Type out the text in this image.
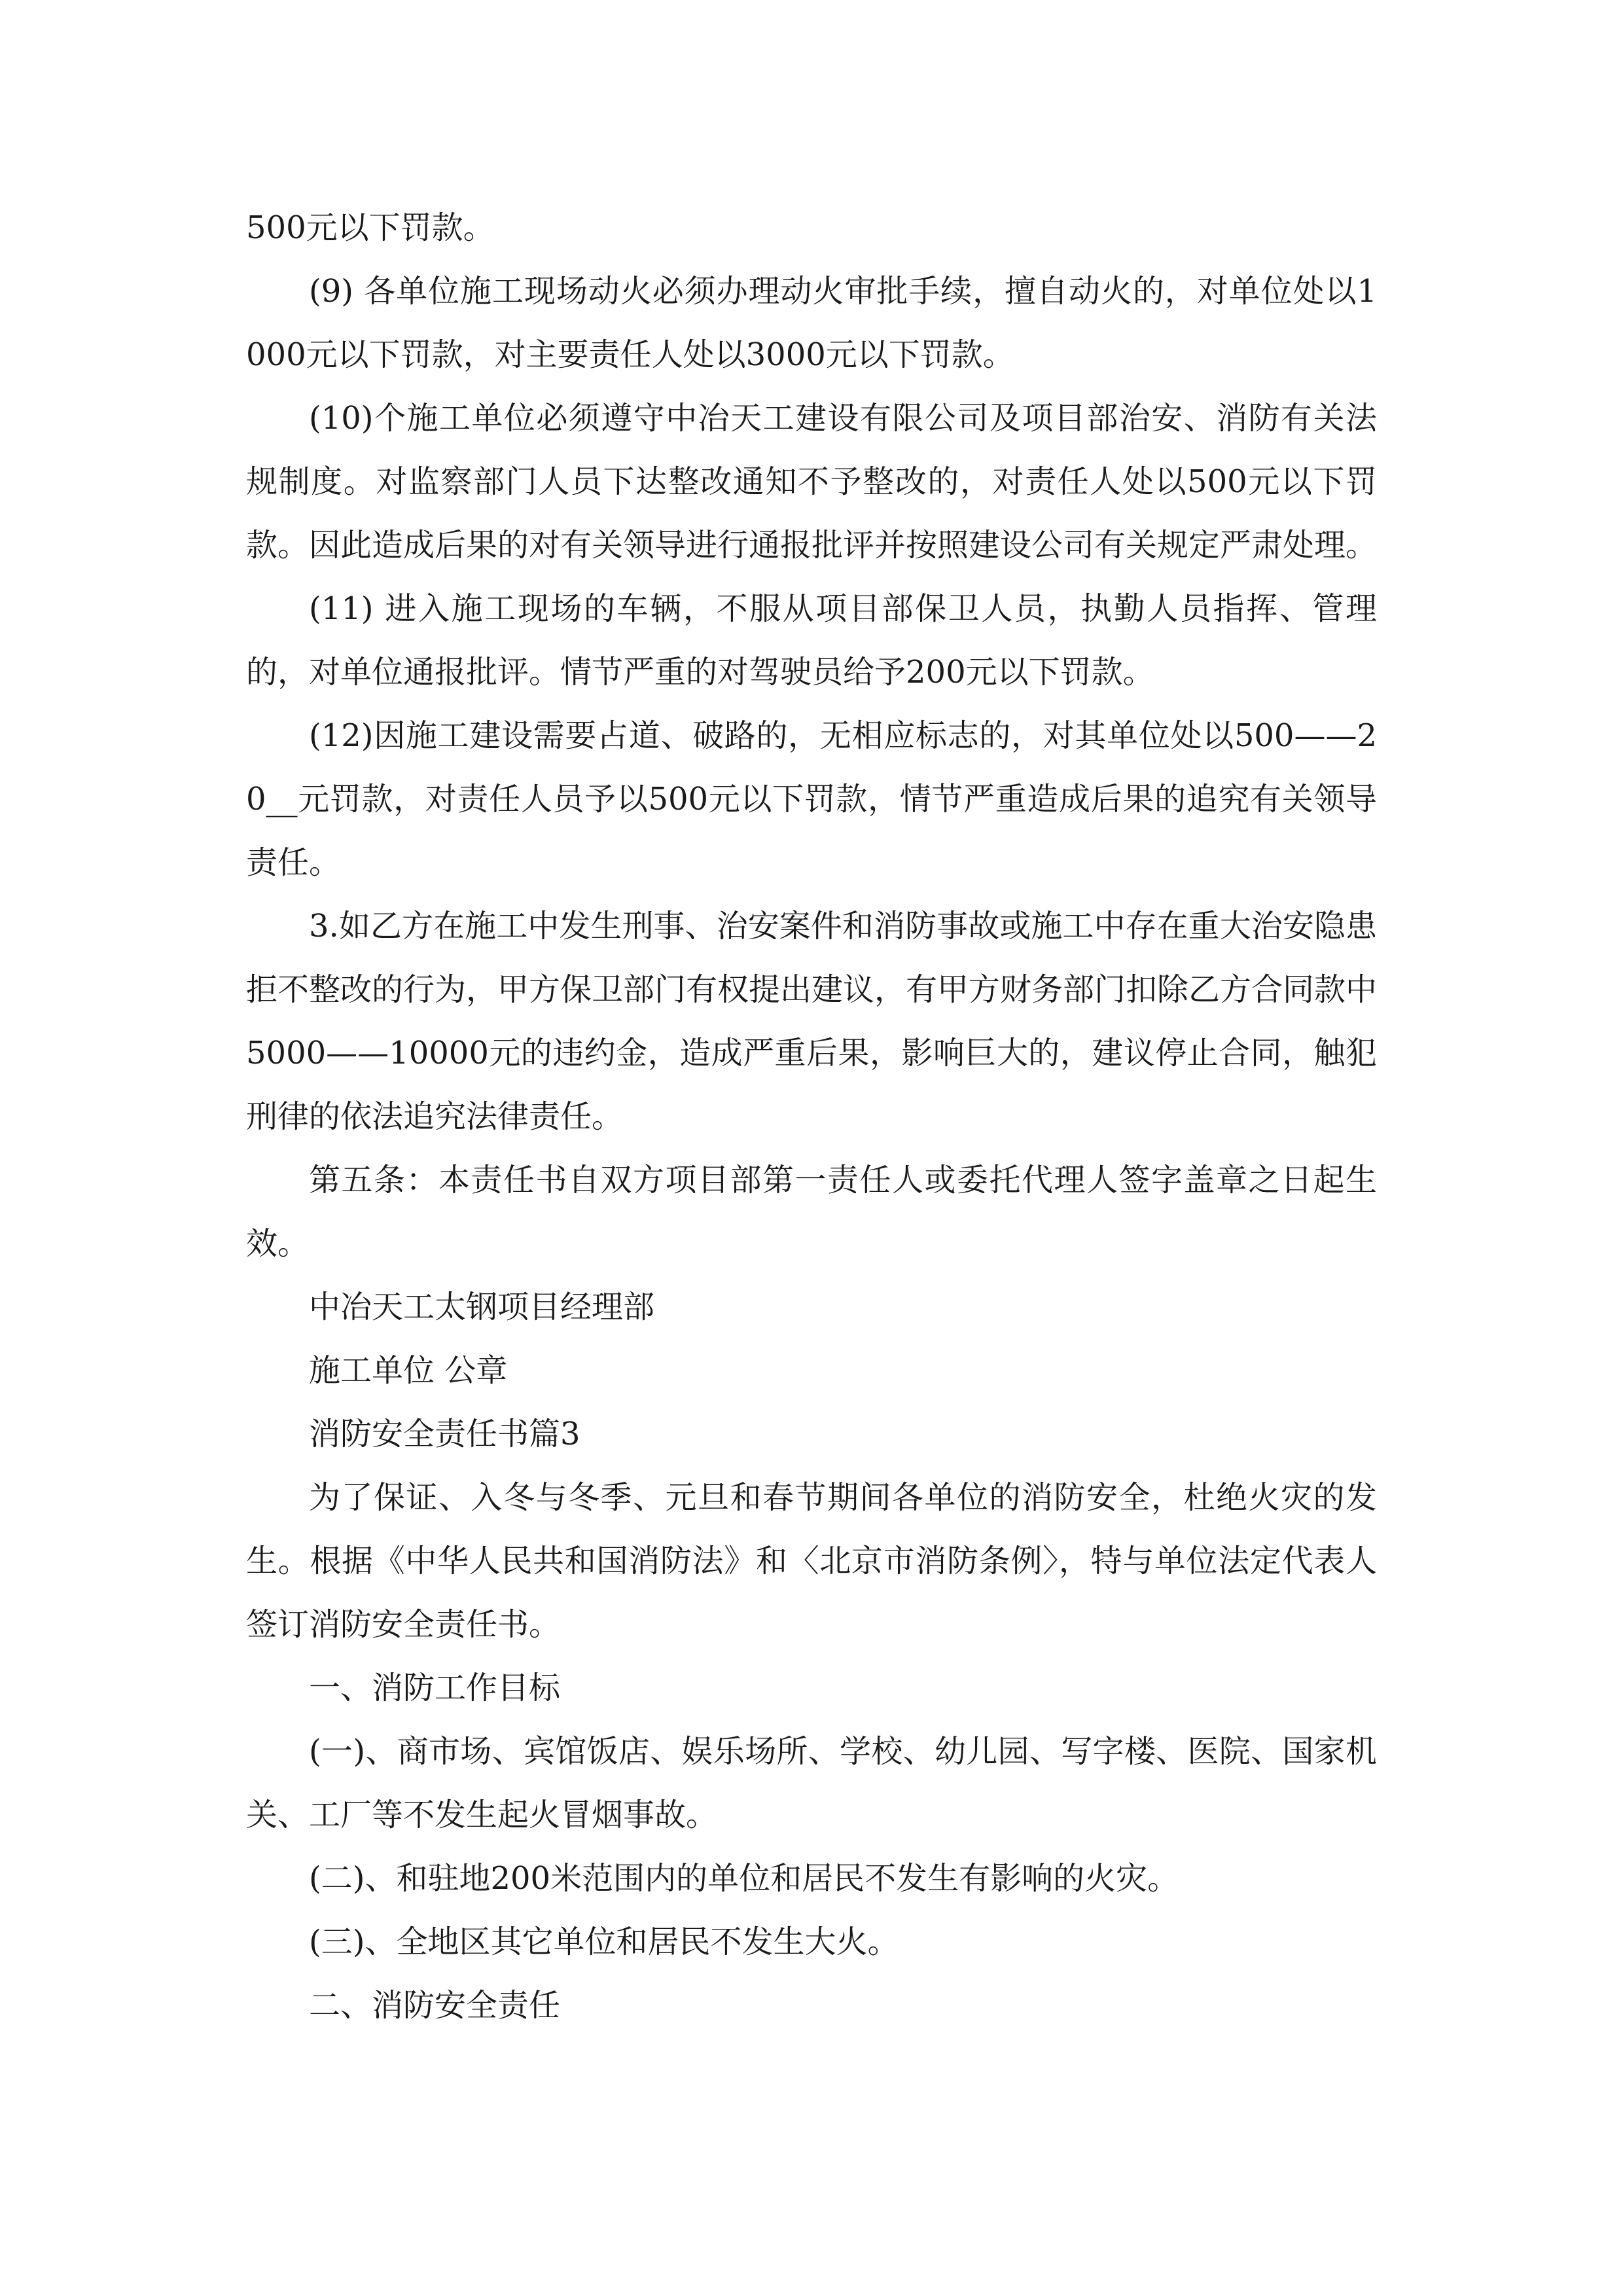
500元以下罚款。

(9) 各单位施工现场动火必须办理动火审批手续，擅自动火的，对单位处以1000元以下罚款，对主要责任人处以3000元以下罚款。

(10)个施工单位必须遵守中冶天工建设有限公司及项目部治安、消防有关法规制度。对监察部门人员下达整改通知不予整改的，对责任人处以500元以下罚款。因此造成后果的对有关领导进行通报批评并按照建设公司有关规定严肃处理。

(11) 进入施工现场的车辆，不服从项目部保卫人员，执勤人员指挥、管理的，对单位通报批评。情节严重的对驾驶员给予200元以下罚款。

(12)因施工建设需要占道、破路的，无相应标志的，对其单位处以500——20__元罚款，对责任人员予以500元以下罚款，情节严重造成后果的追究有关领导责任。

3.如乙方在施工中发生刑事、治安案件和消防事故或施工中存在重大治安隐患拒不整改的行为，甲方保卫部门有权提出建议，有甲方财务部门扣除乙方合同款中5000——10000元的违约金，造成严重后果，影响巨大的，建议停止合同，触犯刑律的依法追究法律责任。

第五条：本责任书自双方项目部第一责任人或委托代理人签字盖章之日起生效。

中冶天工太钢项目经理部

施工单位 公章

消防安全责任书篇3

为了保证、入冬与冬季、元旦和春节期间各单位的消防安全，杜绝火灾的发生。根据《中华人民共和国消防法》和〈北京市消防条例〉，特与单位法定代表人签订消防安全责任书。

一、消防工作目标

(一)、商市场、宾馆饭店、娱乐场所、学校、幼儿园、写字楼、医院、国家机关、工厂等不发生起火冒烟事故。

(二)、和驻地200米范围内的单位和居民不发生有影响的火灾。

(三)、全地区其它单位和居民不发生大火。

二、消防安全责任
